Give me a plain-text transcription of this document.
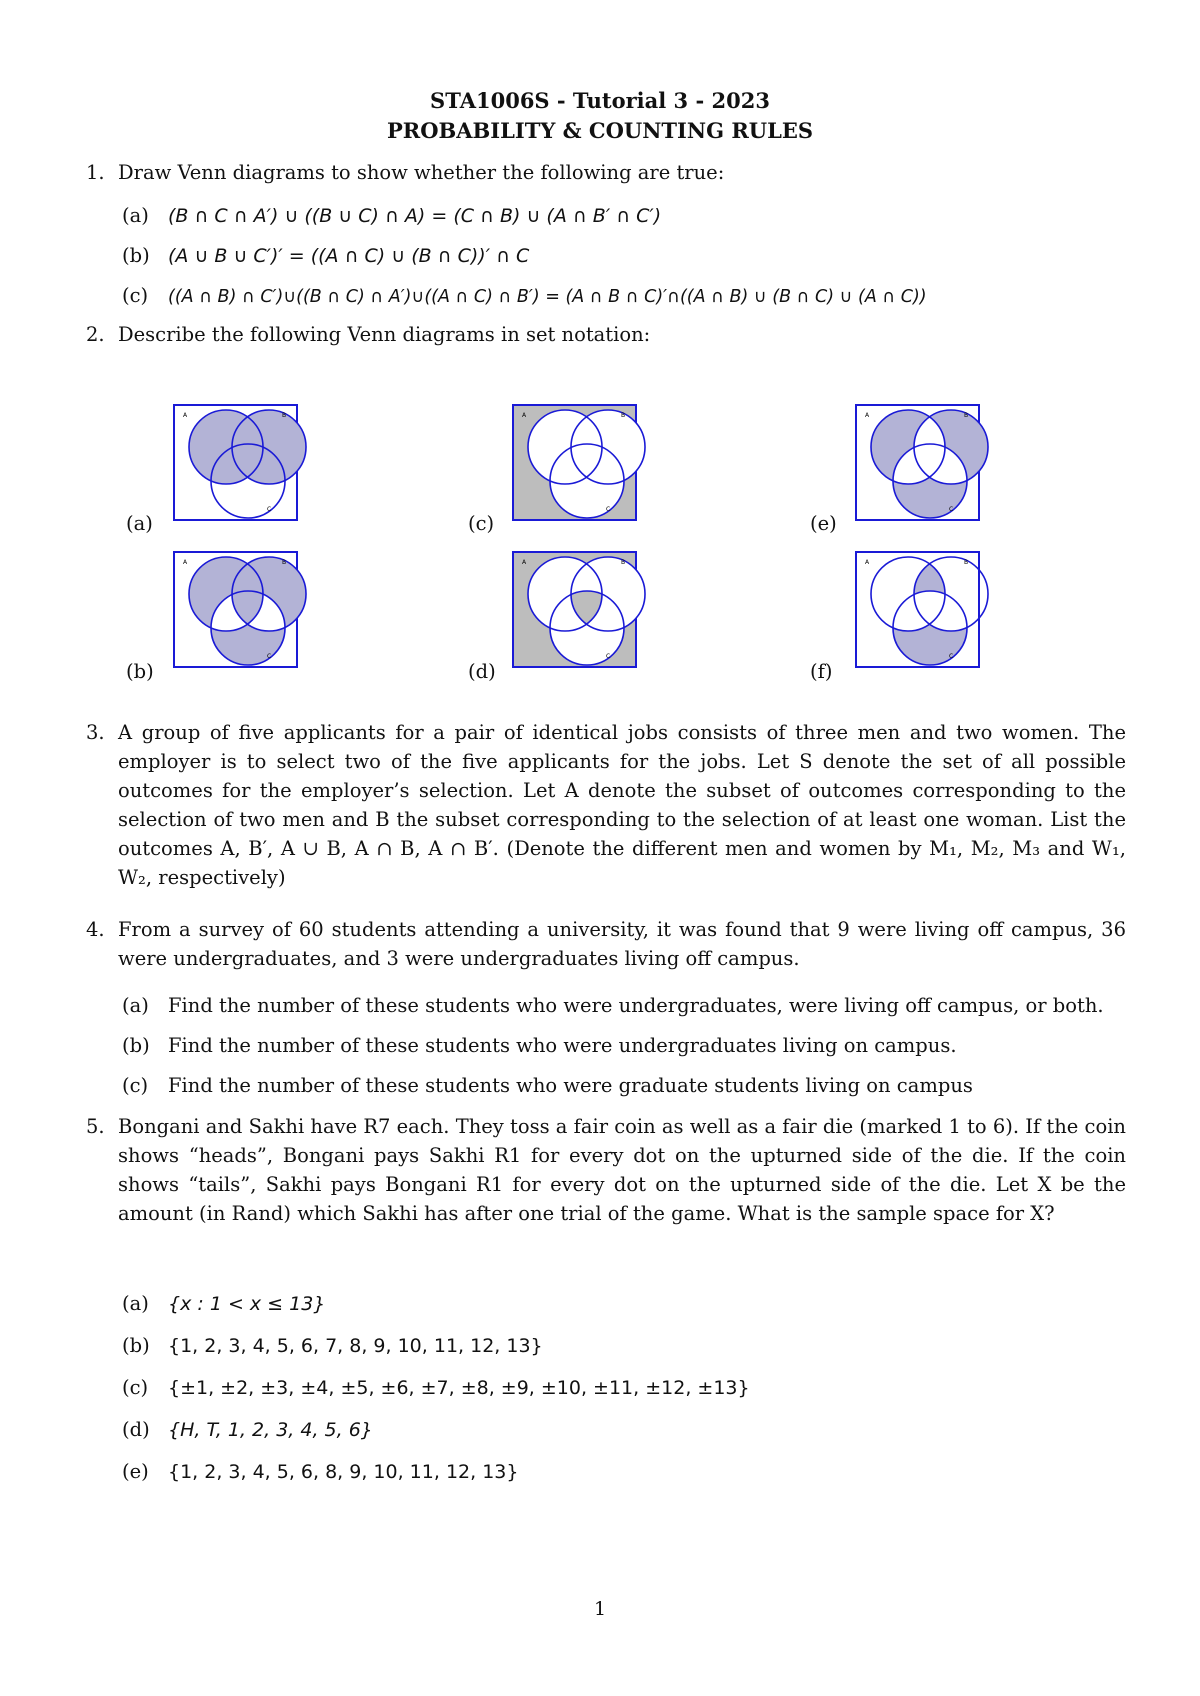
STA1006S - Tutorial 3 - 2023
PROBABILITY & COUNTING RULES
1. Draw Venn diagrams to show whether the following are true:
(a) (B ∩ C ∩ A′) ∪ ((B ∪ C) ∩ A) = (C ∩ B) ∪ (A ∩ B′ ∩ C′)
(b) (A ∪ B ∪ C′)′ = ((A ∩ C) ∪ (B ∩ C))′ ∩ C
(c) ((A ∩ B) ∩ C′)∪((B ∩ C) ∩ A′)∪((A ∩ C) ∩ B′) = (A ∩ B ∩ C)′∩((A ∩ B) ∪ (B ∩ C) ∪ (A ∩ C))
2. Describe the following Venn diagrams in set notation:
A	B
C
A	B
C
A	B
C
A	B
C
A	B
C
A	B
C
(a)	(c)	(e)
(b)	(d)	(f)
3. A group of five applicants for a pair of identical jobs consists of three men and two women. The employer is to select two of the five applicants for the jobs. Let S denote the set of all possible outcomes for the employer’s selection. Let A denote the subset of outcomes corresponding to the selection of two men and B the subset corresponding to the selection of at least one woman. List the outcomes A, B′, A ∪ B, A ∩ B, A ∩ B′. (Denote the different men and women by M₁, M₂, M₃ and W₁, W₂, respectively)
4. From a survey of 60 students attending a university, it was found that 9 were living off campus, 36 were undergraduates, and 3 were undergraduates living off campus.
(a) Find the number of these students who were undergraduates, were living off campus, or both.
(b) Find the number of these students who were undergraduates living on campus.
(c) Find the number of these students who were graduate students living on campus
5. Bongani and Sakhi have R7 each. They toss a fair coin as well as a fair die (marked 1 to 6). If the coin shows “heads”, Bongani pays Sakhi R1 for every dot on the upturned side of the die. If the coin shows “tails”, Sakhi pays Bongani R1 for every dot on the upturned side of the die. Let X be the amount (in Rand) which Sakhi has after one trial of the game. What is the sample space for X?
(a) {x : 1 < x ≤ 13}
(b) {1, 2, 3, 4, 5, 6, 7, 8, 9, 10, 11, 12, 13}
(c) {±1, ±2, ±3, ±4, ±5, ±6, ±7, ±8, ±9, ±10, ±11, ±12, ±13}
(d) {H, T, 1, 2, 3, 4, 5, 6}
(e) {1, 2, 3, 4, 5, 6, 8, 9, 10, 11, 12, 13}
1
